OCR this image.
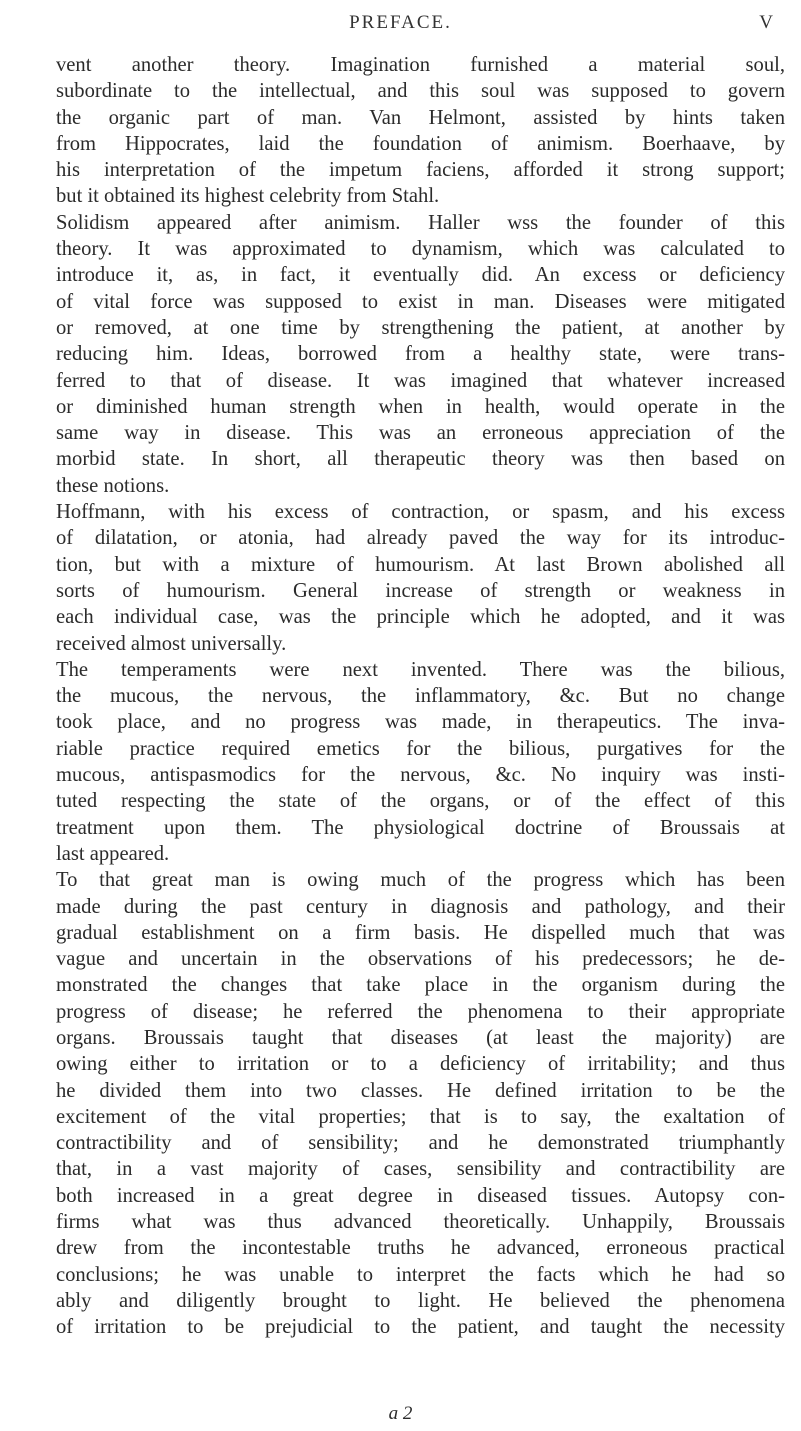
PREFACE.	V
vent another theory. Imagination furnished a material soul,
subordinate to the intellectual, and this soul was supposed to govern
the organic part of man. Van Helmont, assisted by hints taken
from Hippocrates, laid the foundation of animism. Boerhaave, by
his interpretation of the impetum faciens, afforded it strong support;
but it obtained its highest celebrity from Stahl.
Solidism appeared after animism. Haller wss the founder of this
theory. It was approximated to dynamism, which was calculated to
introduce it, as, in fact, it eventually did. An excess or deficiency
of vital force was supposed to exist in man. Diseases were mitigated
or removed, at one time by strengthening the patient, at another by
reducing him. Ideas, borrowed from a healthy state, were trans-
ferred to that of disease. It was imagined that whatever increased
or diminished human strength when in health, would operate in the
same way in disease. This was an erroneous appreciation of the
morbid state. In short, all therapeutic theory was then based on
these notions.
Hoffmann, with his excess of contraction, or spasm, and his excess
of dilatation, or atonia, had already paved the way for its introduc-
tion, but with a mixture of humourism. At last Brown abolished all
sorts of humourism. General increase of strength or weakness in
each individual case, was the principle which he adopted, and it was
received almost universally.
The temperaments were next invented. There was the bilious,
the mucous, the nervous, the inflammatory, &c. But no change
took place, and no progress was made, in therapeutics. The inva-
riable practice required emetics for the bilious, purgatives for the
mucous, antispasmodics for the nervous, &c. No inquiry was insti-
tuted respecting the state of the organs, or of the effect of this
treatment upon them. The physiological doctrine of Broussais at
last appeared.
To that great man is owing much of the progress which has been
made during the past century in diagnosis and pathology, and their
gradual establishment on a firm basis. He dispelled much that was
vague and uncertain in the observations of his predecessors; he de-
monstrated the changes that take place in the organism during the
progress of disease; he referred the phenomena to their appropriate
organs. Broussais taught that diseases (at least the majority) are
owing either to irritation or to a deficiency of irritability; and thus
he divided them into two classes. He defined irritation to be the
excitement of the vital properties; that is to say, the exaltation of
contractibility and of sensibility; and he demonstrated triumphantly
that, in a vast majority of cases, sensibility and contractibility are
both increased in a great degree in diseased tissues. Autopsy con-
firms what was thus advanced theoretically. Unhappily, Broussais
drew from the incontestable truths he advanced, erroneous practical
conclusions; he was unable to interpret the facts which he had so
ably and diligently brought to light. He believed the phenomena
of irritation to be prejudicial to the patient, and taught the necessity
a 2
